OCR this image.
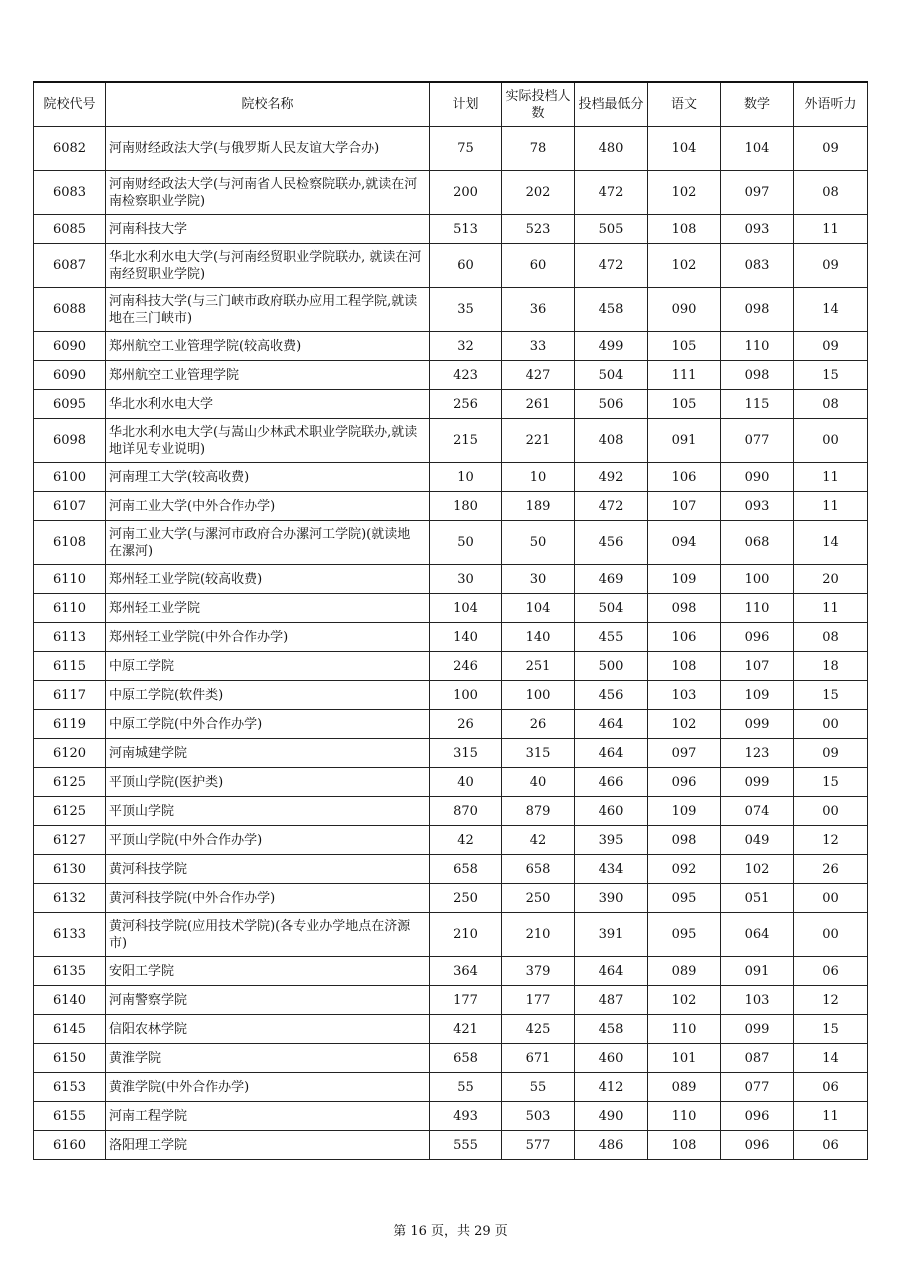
院校代号	院校名称	计划	实际投档人数	投档最低分	语文	数学	外语听力
6082	河南财经政法大学(与俄罗斯人民友谊大学合办)	75	78	480	104	104	09
6083	河南财经政法大学(与河南省人民检察院联办,就读在河南检察职业学院)	200	202	472	102	097	08
6085	河南科技大学	513	523	505	108	093	11
6087	华北水利水电大学(与河南经贸职业学院联办, 就读在河南经贸职业学院)	60	60	472	102	083	09
6088	河南科技大学(与三门峡市政府联办应用工程学院,就读地在三门峡市)	35	36	458	090	098	14
6090	郑州航空工业管理学院(较高收费)	32	33	499	105	110	09
6090	郑州航空工业管理学院	423	427	504	111	098	15
6095	华北水利水电大学	256	261	506	105	115	08
6098	华北水利水电大学(与嵩山少林武术职业学院联办,就读地详见专业说明)	215	221	408	091	077	00
6100	河南理工大学(较高收费)	10	10	492	106	090	11
6107	河南工业大学(中外合作办学)	180	189	472	107	093	11
6108	河南工业大学(与漯河市政府合办漯河工学院)(就读地在漯河)	50	50	456	094	068	14
6110	郑州轻工业学院(较高收费)	30	30	469	109	100	20
6110	郑州轻工业学院	104	104	504	098	110	11
6113	郑州轻工业学院(中外合作办学)	140	140	455	106	096	08
6115	中原工学院	246	251	500	108	107	18
6117	中原工学院(软件类)	100	100	456	103	109	15
6119	中原工学院(中外合作办学)	26	26	464	102	099	00
6120	河南城建学院	315	315	464	097	123	09
6125	平顶山学院(医护类)	40	40	466	096	099	15
6125	平顶山学院	870	879	460	109	074	00
6127	平顶山学院(中外合作办学)	42	42	395	098	049	12
6130	黄河科技学院	658	658	434	092	102	26
6132	黄河科技学院(中外合作办学)	250	250	390	095	051	00
6133	黄河科技学院(应用技术学院)(各专业办学地点在济源市)	210	210	391	095	064	00
6135	安阳工学院	364	379	464	089	091	06
6140	河南警察学院	177	177	487	102	103	12
6145	信阳农林学院	421	425	458	110	099	15
6150	黄淮学院	658	671	460	101	087	14
6153	黄淮学院(中外合作办学)	55	55	412	089	077	06
6155	河南工程学院	493	503	490	110	096	11
6160	洛阳理工学院	555	577	486	108	096	06
第 16 页，共 29 页
